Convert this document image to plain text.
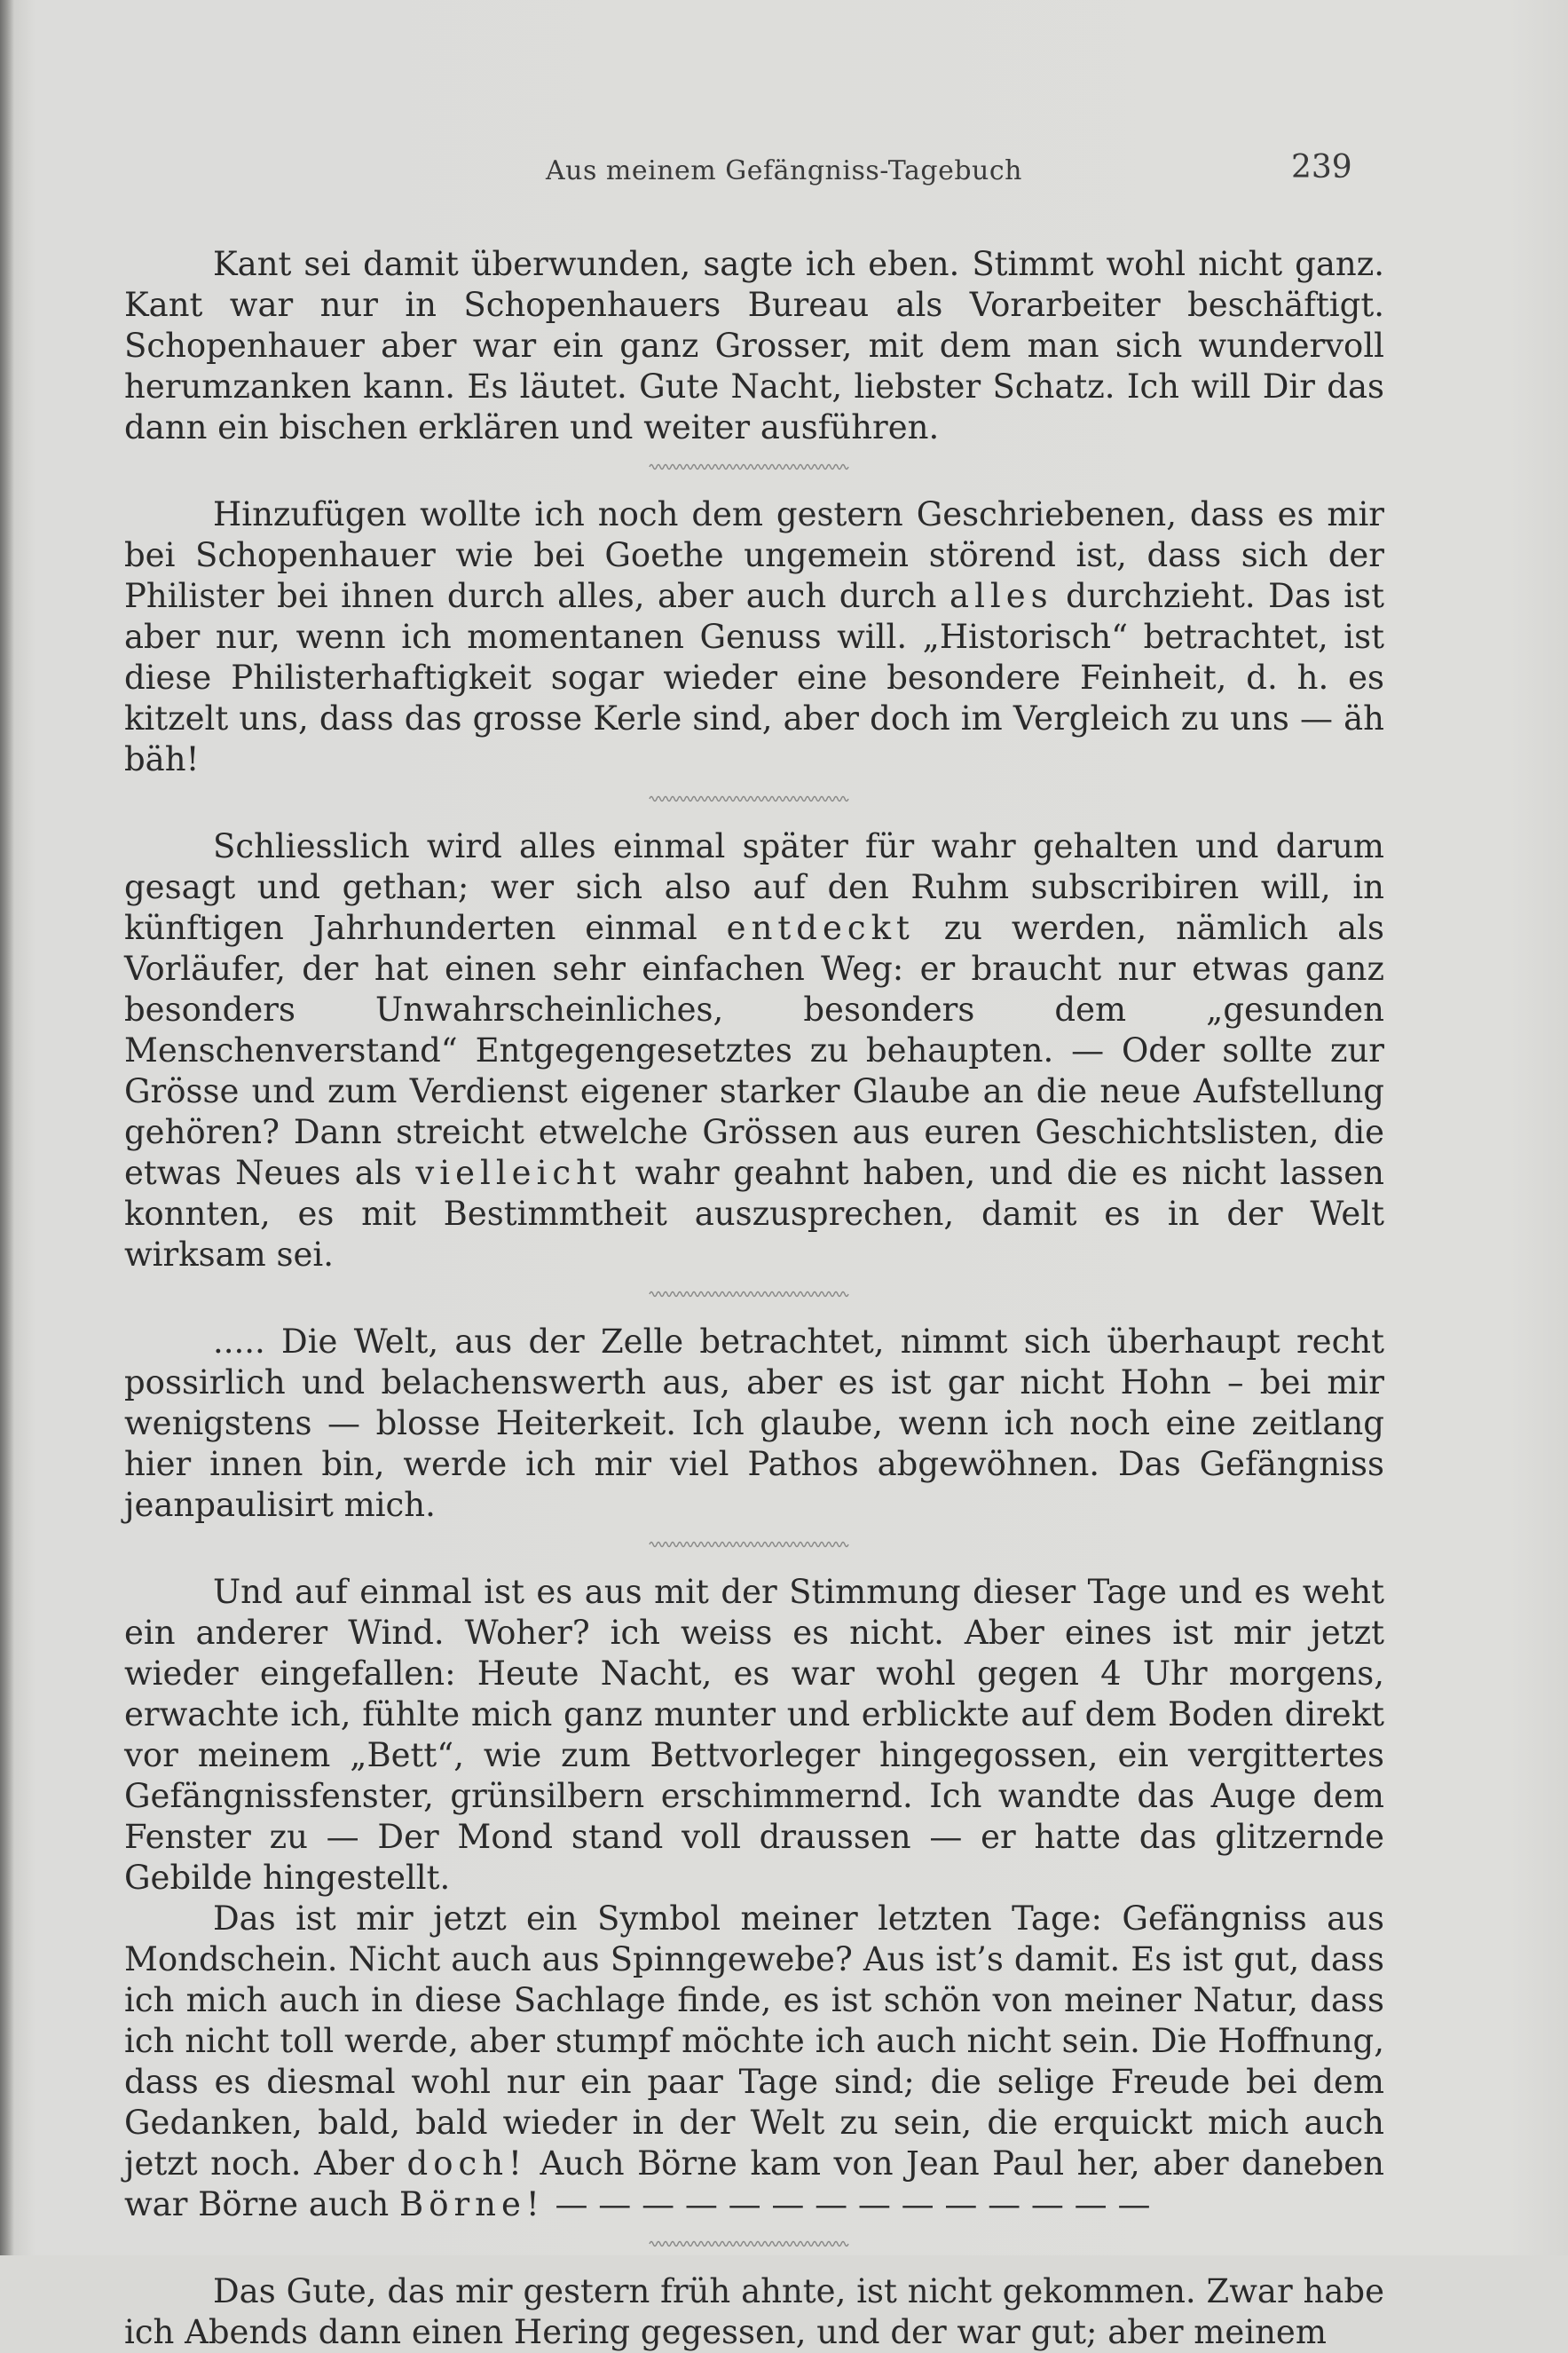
Aus meinem Gefängniss-Tagebuch	239

Kant sei damit überwunden, sagte ich eben. Stimmt wohl nicht ganz. Kant war nur in Schopenhauers Bureau als Vorarbeiter beschäftigt. Schopenhauer aber war ein ganz Grosser, mit dem man sich wundervoll herumzanken kann. Es läutet. Gute Nacht, liebster Schatz. Ich will Dir das dann ein bischen erklären und weiter ausführen.

Hinzufügen wollte ich noch dem gestern Geschriebenen, dass es mir bei Schopenhauer wie bei Goethe ungemein störend ist, dass sich der Philister bei ihnen durch alles, aber auch durch alles durchzieht. Das ist aber nur, wenn ich momentanen Genuss will. „Historisch“ betrachtet, ist diese Philisterhaftigkeit sogar wieder eine besondere Feinheit, d. h. es kitzelt uns, dass das grosse Kerle sind, aber doch im Vergleich zu uns — äh bäh!

Schliesslich wird alles einmal später für wahr gehalten und darum gesagt und gethan; wer sich also auf den Ruhm subscribiren will, in künftigen Jahrhunderten einmal entdeckt zu werden, nämlich als Vorläufer, der hat einen sehr einfachen Weg: er braucht nur etwas ganz besonders Unwahrscheinliches, besonders dem „gesunden Menschenverstand“ Entgegengesetztes zu behaupten. — Oder sollte zur Grösse und zum Verdienst eigener starker Glaube an die neue Aufstellung gehören? Dann streicht etwelche Grössen aus euren Geschichtslisten, die etwas Neues als vielleicht wahr geahnt haben, und die es nicht lassen konnten, es mit Bestimmtheit auszusprechen, damit es in der Welt wirksam sei.

..... Die Welt, aus der Zelle betrachtet, nimmt sich überhaupt recht possirlich und belachenswerth aus, aber es ist gar nicht Hohn – bei mir wenigstens — blosse Heiterkeit. Ich glaube, wenn ich noch eine zeitlang hier innen bin, werde ich mir viel Pathos abgewöhnen. Das Gefängniss jeanpaulisirt mich.

Und auf einmal ist es aus mit der Stimmung dieser Tage und es weht ein anderer Wind. Woher? ich weiss es nicht. Aber eines ist mir jetzt wieder eingefallen: Heute Nacht, es war wohl gegen 4 Uhr morgens, erwachte ich, fühlte mich ganz munter und erblickte auf dem Boden direkt vor meinem „Bett“, wie zum Bettvorleger hingegossen, ein vergittertes Gefängnissfenster, grünsilbern erschimmernd. Ich wandte das Auge dem Fenster zu — Der Mond stand voll draussen — er hatte das glitzernde Gebilde hingestellt.

Das ist mir jetzt ein Symbol meiner letzten Tage: Gefängniss aus Mondschein. Nicht auch aus Spinngewebe? Aus ist’s damit. Es ist gut, dass ich mich auch in diese Sachlage finde, es ist schön von meiner Natur, dass ich nicht toll werde, aber stumpf möchte ich auch nicht sein. Die Hoffnung, dass es diesmal wohl nur ein paar Tage sind; die selige Freude bei dem Gedanken, bald, bald wieder in der Welt zu sein, die erquickt mich auch jetzt noch. Aber doch! Auch Börne kam von Jean Paul her, aber daneben war Börne auch Börne! — — — — — — — — — — — — — —

Das Gute, das mir gestern früh ahnte, ist nicht gekommen. Zwar habe ich Abends dann einen Hering gegessen, und der war gut; aber meinem
